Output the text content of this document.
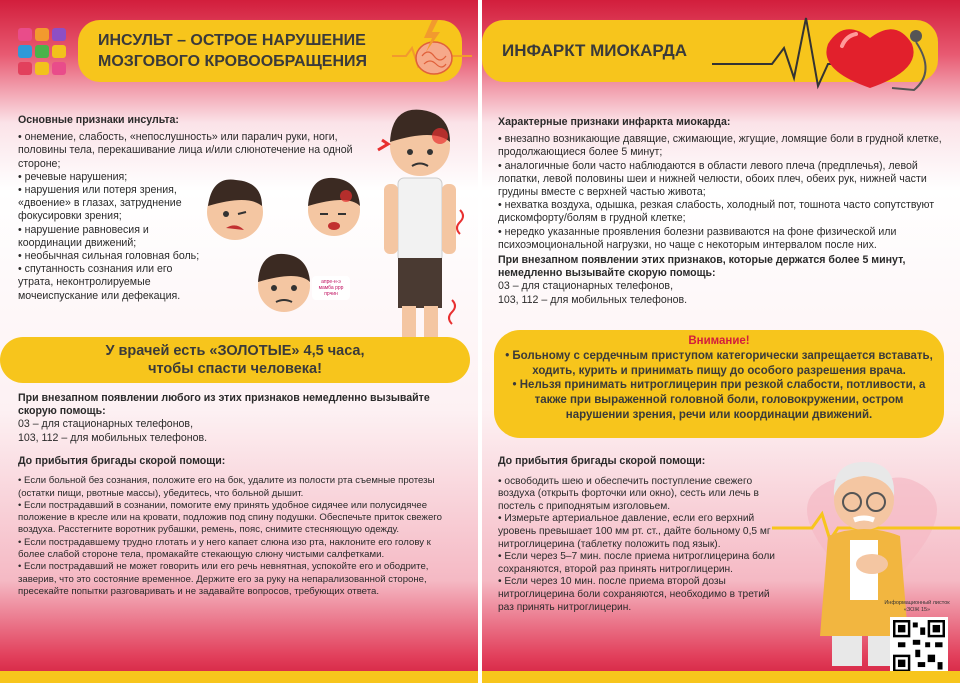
ИНСУЛЬТ – ОСТРОЕ НАРУШЕНИЕ
МОЗГОВОГО КРОВООБРАЩЕНИЯ
Основные признаки инсульта:
• онемение, слабость, «непослушность» или паралич руки, ноги, половины тела, перекашивание лица и/или слюнотечение на одной стороне;
• речевые нарушения;
• нарушения или потеря зрения, «двоение» в глазах, затруднение фокусировки зрения;
• нарушение равновесия и координации движений;
• необычная сильная головная боль;
• спутанность сознания или его утрата, неконтролируемые мочеиспускание или дефекация.
апре-н-э мамба ррр прчин
У врачей есть «ЗОЛОТЫЕ» 4,5 часа,
чтобы спасти человека!
При внезапном появлении любого из этих признаков немедленно вызывайте скорую помощь:
03 – для стационарных телефонов,
103, 112 – для мобильных телефонов.
До прибытия бригады скорой помощи:
• Если больной без сознания, положите его на бок, удалите из полости рта съемные протезы (остатки пищи, рвотные массы), убедитесь, что больной дышит.
• Если пострадавший в сознании, помогите ему принять удобное сидячее или полусидячее положение в кресле или на кровати, подложив под спину подушки. Обеспечьте приток свежего воздуха. Расстегните воротник рубашки, ремень, пояс, снимите стесняющую одежду.
• Если пострадавшему трудно глотать и у него капает слюна изо рта, наклоните его голову к более слабой стороне тела, промакайте стекающую слюну чистыми салфетками.
• Если пострадавший не может говорить или его речь невнятная, успокойте его и ободрите, заверив, что это состояние временное. Держите его за руку на непарализованной стороне, пресекайте попытки разговаривать и не задавайте вопросов, требующих ответа.
ИНФАРКТ МИОКАРДА
Характерные признаки инфаркта миокарда:
• внезапно возникающие давящие, сжимающие, жгущие, ломящие боли в грудной клетке, продолжающиеся более 5 минут;
• аналогичные боли часто наблюдаются в области левого плеча (предплечья), левой лопатки, левой половины шеи и нижней челюсти, обоих плеч, обеих рук, нижней части грудины вместе с верхней частью живота;
• нехватка воздуха, одышка, резкая слабость, холодный пот, тошнота часто сопутствуют дискомфорту/болям в грудной клетке;
• нередко указанные проявления болезни развиваются на фоне физической или психоэмоциональной нагрузки, но чаще с некоторым интервалом после них.
При внезапном появлении этих признаков, которые держатся более 5 минут, немедленно вызывайте скорую помощь:
03 – для стационарных телефонов,
103, 112 – для мобильных телефонов.
Внимание!
• Больному с сердечным приступом категорически запрещается вставать, ходить, курить и принимать пищу до особого разрешения врача.
• Нельзя принимать нитроглицерин при резкой слабости, потливости, а также при выраженной головной боли, головокружении, остром нарушении зрения, речи или координации движений.
До прибытия бригады скорой помощи:
• освободить шею и обеспечить поступление свежего воздуха (открыть форточки или окно), сесть или лечь в постель с приподнятым изголовьем.
• Измерьте артериальное давление, если его верхний уровень превышает 100 мм рт. ст., дайте больному 0,5 мг нитроглицерина (таблетку положить под язык).
• Если через 5–7 мин. после приема нитроглицерина боли сохраняются, второй раз принять нитроглицерин.
• Если через 10 мин. после приема второй дозы нитроглицерина боли сохраняются, необходимо в третий раз принять нитроглицерин.	Информационный листок «ЗОЖ 15»
